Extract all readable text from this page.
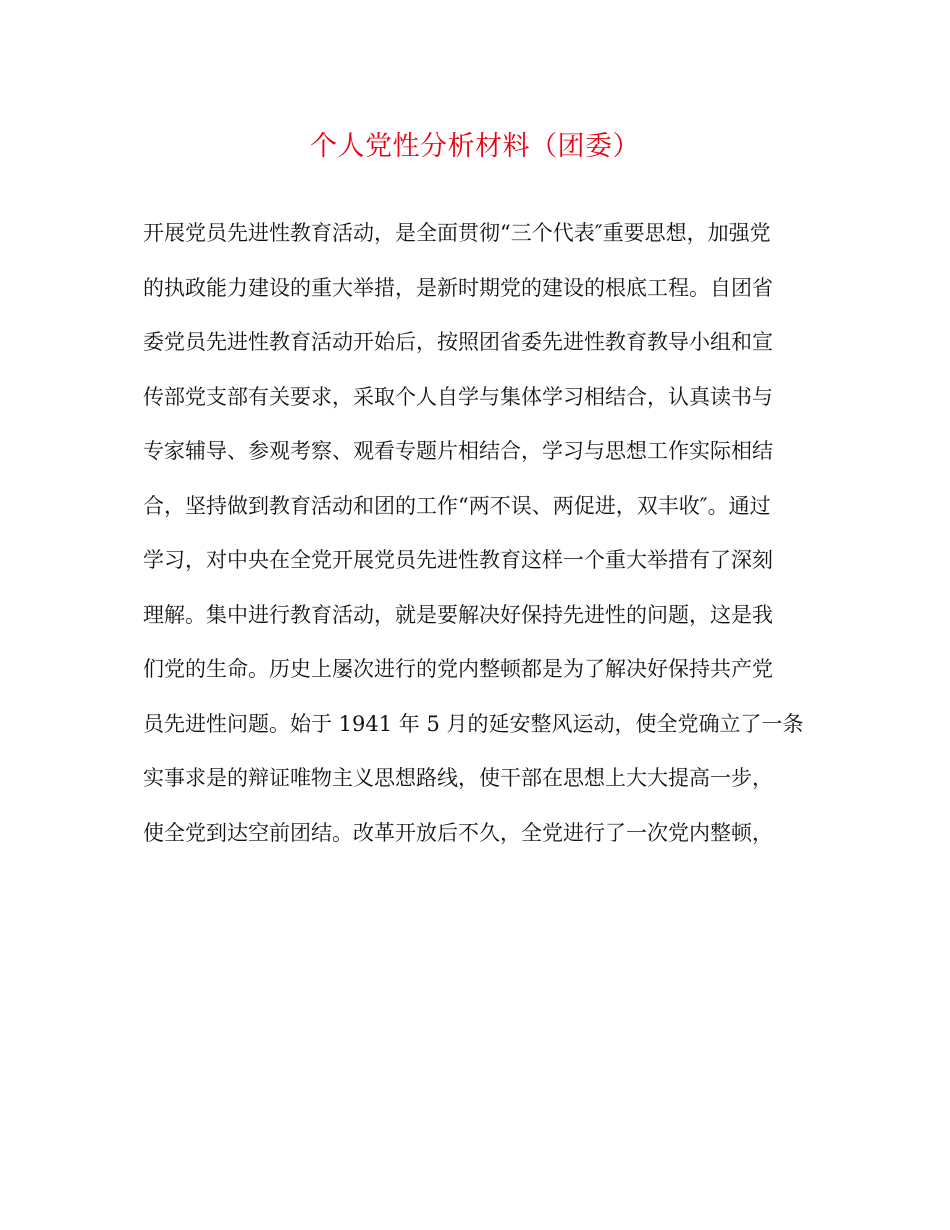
个人党性分析材料（团委）
开展党员先进性教育活动，是全面贯彻“三个代表″重要思想，加强党
的执政能力建设的重大举措，是新时期党的建设的根底工程。自团省
委党员先进性教育活动开始后，按照团省委先进性教育教导小组和宣
传部党支部有关要求，采取个人自学与集体学习相结合，认真读书与
专家辅导、参观考察、观看专题片相结合，学习与思想工作实际相结
合，坚持做到教育活动和团的工作“两不误、两促进，双丰收″。通过
学习，对中央在全党开展党员先进性教育这样一个重大举措有了深刻
理解。集中进行教育活动，就是要解决好保持先进性的问题，这是我
们党的生命。历史上屡次进行的党内整顿都是为了解决好保持共产党
员先进性问题。始于 1941 年 5 月的延安整风运动，使全党确立了一条
实事求是的辩证唯物主义思想路线，使干部在思想上大大提高一步，
使全党到达空前团结。改革开放后不久，全党进行了一次党内整顿，
